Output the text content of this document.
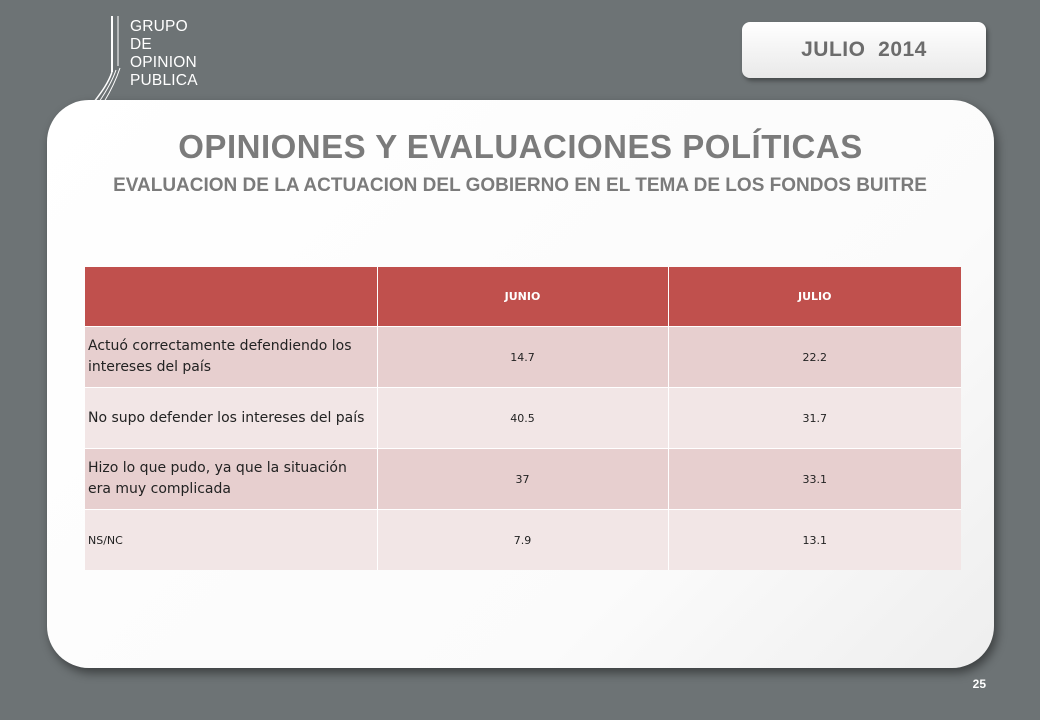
GRUPO
DE
OPINION
PUBLICA
JULIO  2014
OPINIONES Y EVALUACIONES POLÍTICAS
EVALUACION DE LA ACTUACION DEL GOBIERNO EN EL TEMA DE LOS FONDOS BUITRE
	JUNIO	JULIO
Actuó correctamente defendiendo los intereses del país	14.7	22.2
No supo defender los intereses del país	40.5	31.7
Hizo lo que pudo, ya que la situación era muy complicada	37	33.1
NS/NC	7.9	13.1
25
